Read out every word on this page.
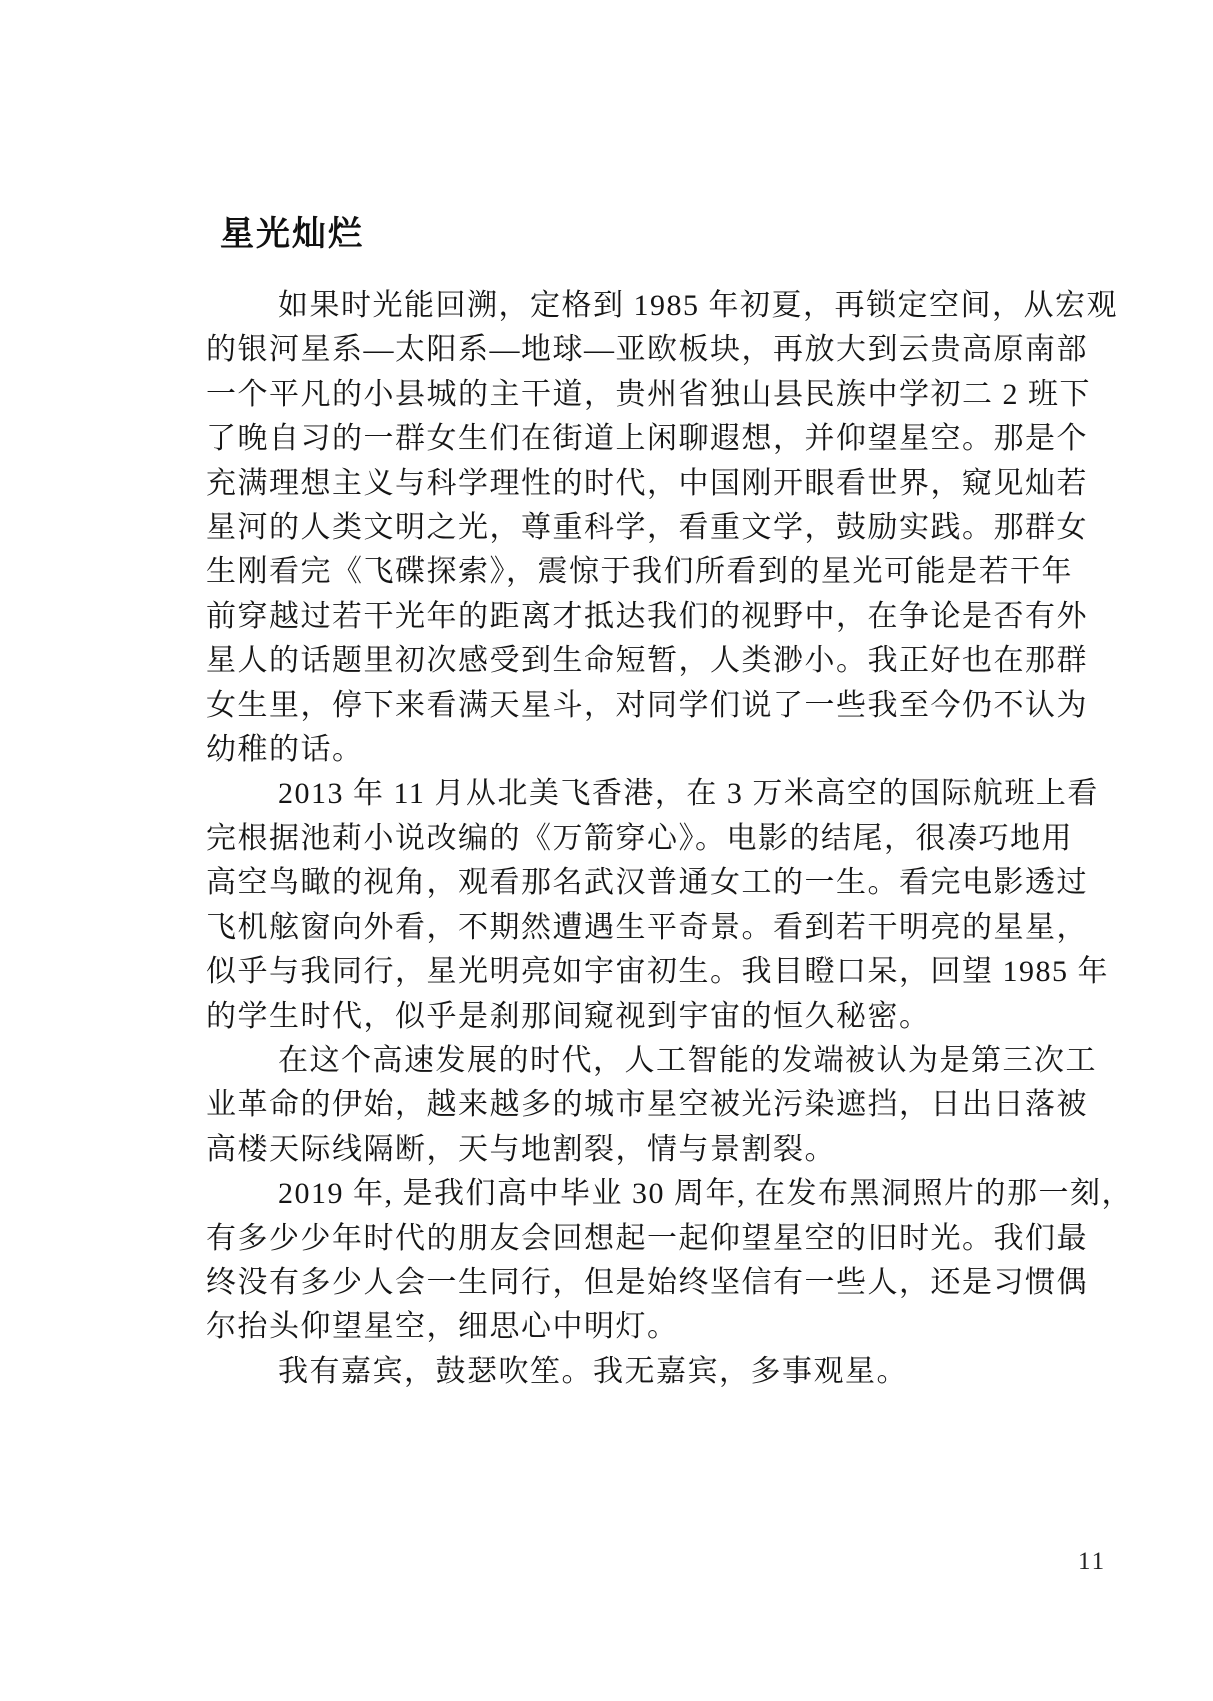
星光灿烂
如果时光能回溯，定格到 1985 年初夏，再锁定空间，从宏观
的银河星系—太阳系—地球—亚欧板块，再放大到云贵高原南部
一个平凡的小县城的主干道，贵州省独山县民族中学初二 2 班下
了晚自习的一群女生们在街道上闲聊遐想，并仰望星空。那是个
充满理想主义与科学理性的时代，中国刚开眼看世界，窥见灿若
星河的人类文明之光，尊重科学，看重文学，鼓励实践。那群女
生刚看完《飞碟探索》，震惊于我们所看到的星光可能是若干年
前穿越过若干光年的距离才抵达我们的视野中，在争论是否有外
星人的话题里初次感受到生命短暂，人类渺小。我正好也在那群
女生里，停下来看满天星斗，对同学们说了一些我至今仍不认为
幼稚的话。
2013 年 11 月从北美飞香港，在 3 万米高空的国际航班上看
完根据池莉小说改编的《万箭穿心》。电影的结尾，很凑巧地用
高空鸟瞰的视角，观看那名武汉普通女工的一生。看完电影透过
飞机舷窗向外看，不期然遭遇生平奇景。看到若干明亮的星星，
似乎与我同行，星光明亮如宇宙初生。我目瞪口呆，回望 1985 年
的学生时代，似乎是刹那间窥视到宇宙的恒久秘密。
在这个高速发展的时代，人工智能的发端被认为是第三次工
业革命的伊始，越来越多的城市星空被光污染遮挡，日出日落被
高楼天际线隔断，天与地割裂，情与景割裂。
2019 年, 是我们高中毕业 30 周年, 在发布黑洞照片的那一刻，
有多少少年时代的朋友会回想起一起仰望星空的旧时光。我们最
终没有多少人会一生同行，但是始终坚信有一些人，还是习惯偶
尔抬头仰望星空，细思心中明灯。
我有嘉宾，鼓瑟吹笙。我无嘉宾，多事观星。
11
